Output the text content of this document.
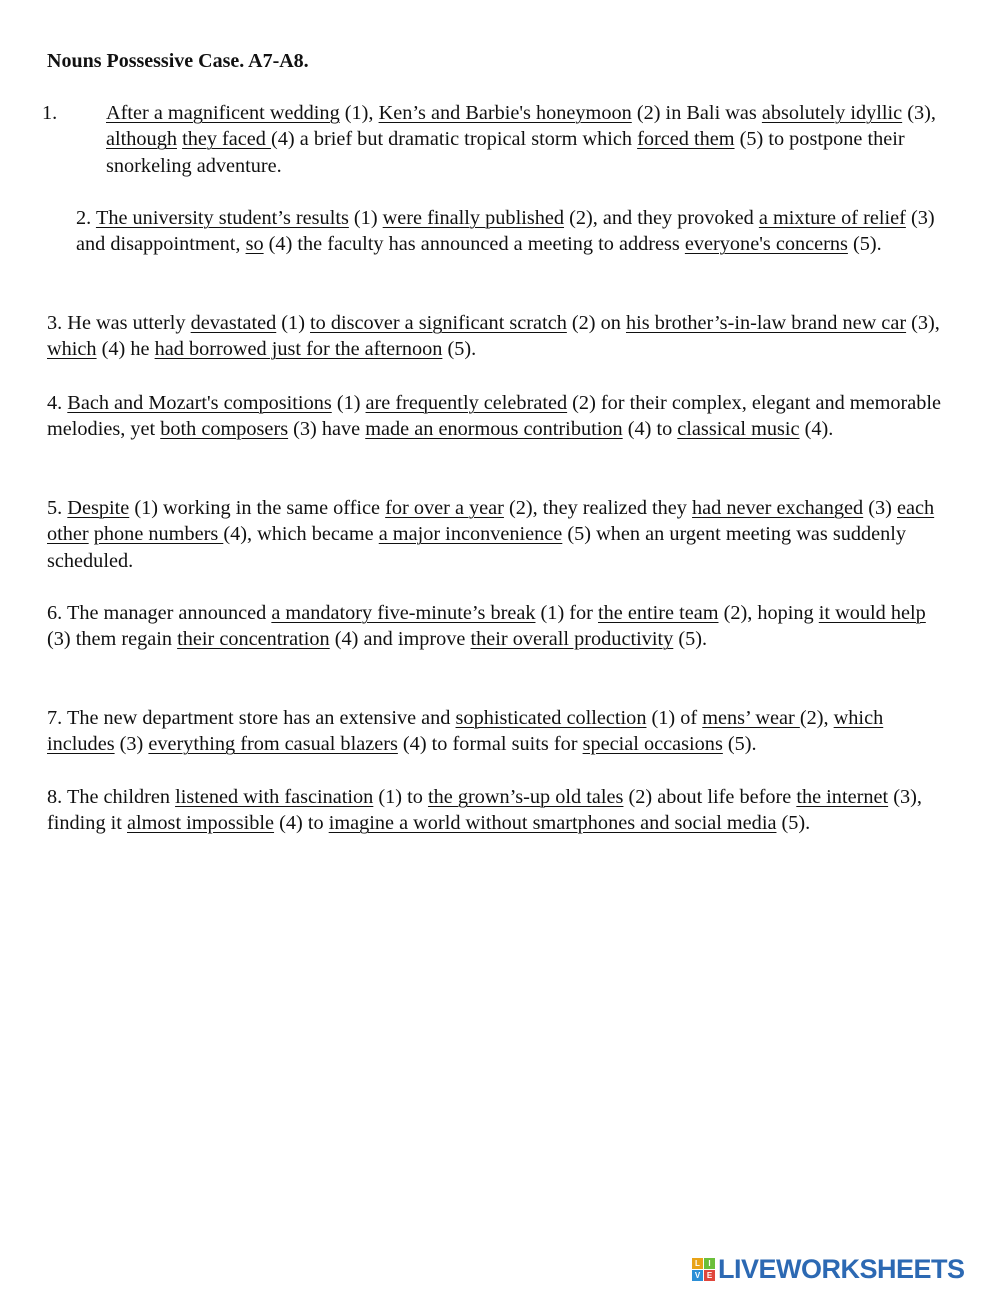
Nouns Possessive Case. A7-A8.

1. After a magnificent wedding (1), Ken’s and Barbie's honeymoon (2) in Bali was absolutely idyllic (3), although they faced (4) a brief but dramatic tropical storm which forced them (5) to postpone their snorkeling adventure.

2. The university student’s results (1) were finally published (2), and they provoked a mixture of relief (3) and disappointment, so (4) the faculty has announced a meeting to address everyone's concerns (5).

3. He was utterly devastated (1) to discover a significant scratch (2) on his brother’s-in-law brand new car (3), which (4) he had borrowed just for the afternoon (5).

4. Bach and Mozart's compositions (1) are frequently celebrated (2) for their complex, elegant and memorable melodies, yet both composers (3) have made an enormous contribution (4) to classical music (4).

5. Despite (1) working in the same office for over a year (2), they realized they had never exchanged (3) each other phone numbers (4), which became a major inconvenience (5) when an urgent meeting was suddenly scheduled.

6. The manager announced a mandatory five-minute’s break (1) for the entire team (2), hoping it would help (3) them regain their concentration (4) and improve their overall productivity (5).

7. The new department store has an extensive and sophisticated collection (1) of mens’ wear (2), which includes (3) everything from casual blazers (4) to formal suits for special occasions (5).

8. The children listened with fascination (1) to the grown’s-up old tales (2) about life before the internet (3), finding it almost impossible (4) to imagine a world without smartphones and social media (5).

L	I
V E LIVEWORKSHEETS
